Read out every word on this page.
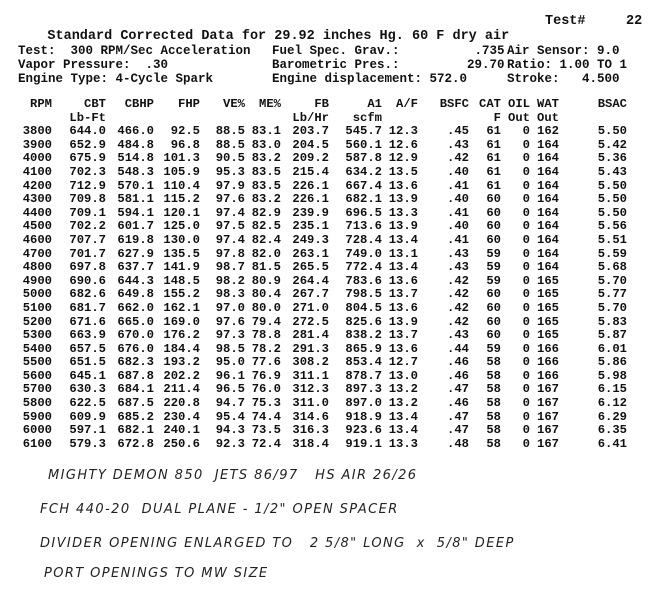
Standard Corrected Data for 29.92 inches Hg. 60 F dry air

Test#	22

Test:  300 RPM/Sec Acceleration
Vapor Pressure:  .30
Engine Type: 4-Cycle Spark
Fuel Spec. Grav.:          .735
Barometric Pres.:         29.70
Engine displacement: 572.0
Air Sensor: 9.0
Ratio: 1.00 TO 1
Stroke:   4.500
RPM	CBT CBHP FHP VE% ME%	FB	A1 A/F BSFC CAT OIL WAT	BSAC
Lb-Ft	Lb/Hr scfm	F Out Out
3800 644.0 466.0 92.5 88.5 83.1 203.7 545.7 12.3 .45 61 0 162	5.50
3900 652.9 484.8 96.8 88.5 83.0 204.5 560.1 12.6 .43 61 0 164	5.42
4000 675.9 514.8 101.3 90.5 83.2 209.2 587.8 12.9 .42 61 0 164	5.36
4100 702.3 548.3 105.9 95.3 83.5 215.4 634.2 13.5 .40 61 0 164	5.43
4200 712.9 570.1 110.4 97.9 83.5 226.1 667.4 13.6 .41 61 0 164	5.50
4300 709.8 581.1 115.2 97.6 83.2 226.1 682.1 13.9 .40 60 0 164	5.50
4400 709.1 594.1 120.1 97.4 82.9 239.9 696.5 13.3 .41 60 0 164	5.50
4500 702.2 601.7 125.0 97.5 82.5 235.1 713.6 13.9 .40 60 0 164	5.56
4600 707.7 619.8 130.0 97.4 82.4 249.3 728.4 13.4 .41 60 0 164	5.51
4700 701.7 627.9 135.5 97.8 82.0 263.1 749.0 13.1 .43 59 0 164	5.59
4800 697.8 637.7 141.9 98.7 81.5 265.5 772.4 13.4 .43 59 0 164	5.68
4900 690.6 644.3 148.5 98.2 80.9 264.4 783.6 13.6 .42 59 0 165	5.70
5000 682.6 649.8 155.2 98.3 80.4 267.7 798.5 13.7 .42 60 0 165	5.77
5100 681.7 662.0 162.1 97.0 80.0 271.0 804.5 13.6 .42 60 0 165	5.70
5200 671.6 665.0 169.0 97.6 79.4 272.5 825.6 13.9 .42 60 0 165	5.83
5300 663.9 670.0 176.2 97.3 78.8 281.4 838.2 13.7 .43 60 0 165	5.87
5400 657.5 676.0 184.4 98.5 78.2 291.3 865.9 13.6 .44 59 0 166	6.01
5500 651.5 682.3 193.2 95.0 77.6 308.2 853.4 12.7 .46 58 0 166	5.86
5600 645.1 687.8 202.2 96.1 76.9 311.1 878.7 13.0 .46 58 0 166	5.98
5700 630.3 684.1 211.4 96.5 76.0 312.3 897.3 13.2 .47 58 0 167	6.15
5800 622.5 687.5 220.8 94.7 75.3 311.0 897.0 13.2 .46 58 0 167	6.12
5900 609.9 685.2 230.4 95.4 74.4 314.6 918.9 13.4 .47 58 0 167	6.29
6000 597.1 682.1 240.1 94.3 73.5 316.3 923.6 13.4 .47 58 0 167	6.35
6100 579.3 672.8 250.6 92.3 72.4 318.4 919.1 13.3 .48 58 0 167	6.41
MIGHTY DEMON 850  JETS 86/97   HS AIR 26/26
FCH 440-20  DUAL PLANE - 1/2" OPEN SPACER
DIVIDER OPENING ENLARGED TO   2 5/8" LONG  x  5/8" DEEP
PORT OPENINGS TO MW SIZE
